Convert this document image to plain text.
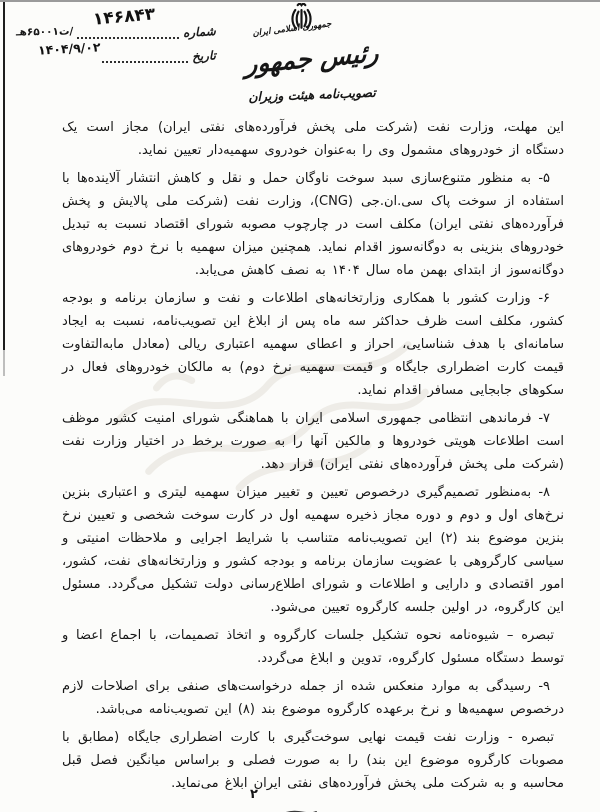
شماره
۱۴۶۸۴۳
/ت۶۵۰۰۱هـ
تاریخ
۱۴۰۴/۹/۰۲
جمهوری اسلامی ایران
رئیس جمهور
تصویب‌نامه هیئت وزیران

این مهلت، وزارت نفت (شرکت ملی پخش فرآورده‌های نفتی ایران) مجاز است یک دستگاه از خودروهای مشمول وی را به‌عنوان خودروی سهمیه‌دار تعیین نماید.

۵- به منظور متنوع‌سازی سبد سوخت ناوگان حمل و نقل و کاهش انتشار آلاینده‌ها با استفاده از سوخت پاک سی.ان.جی (CNG)، وزارت نفت (شرکت ملی پالایش و پخش فرآورده‌های نفتی ایران) مکلف است در چارچوب مصوبه شورای اقتصاد نسبت به تبدیل خودروهای بنزینی به دوگانه‌سوز اقدام نماید. همچنین میزان سهمیه با نرخ دوم خودروهای دوگانه‌سوز از ابتدای بهمن ماه سال ۱۴۰۴ به نصف کاهش می‌یابد.

۶- وزارت کشور با همکاری وزارتخانه‌های اطلاعات و نفت و سازمان برنامه و بودجه کشور، مکلف است ظرف حداکثر سه ماه پس از ابلاغ این تصویب‌نامه، نسبت به ایجاد سامانه‌ای با هدف شناسایی، احراز و اعطای سهمیه اعتباری ریالی (معادل مابه‌التفاوت قیمت کارت اضطراری جایگاه و قیمت سهمیه نرخ دوم) به مالکان خودروهای فعال در سکوهای جابجایی مسافر اقدام نماید.

۷- فرماندهی انتظامی جمهوری اسلامی ایران با هماهنگی شورای امنیت کشور موظف است اطلاعات هویتی خودروها و مالکین آنها را به صورت برخط در اختیار وزارت نفت (شرکت ملی پخش فرآورده‌های نفتی ایران) قرار دهد.

۸- به‌منظور تصمیم‌گیری درخصوص تعیین و تغییر میزان سهمیه لیتری و اعتباری بنزین نرخ‌های اول و دوم و دوره مجاز ذخیره سهمیه اول در کارت سوخت شخصی و تعیین نرخ بنزین موضوع بند (۲) این تصویب‌نامه متناسب با شرایط اجرایی و ملاحظات امنیتی و سیاسی کارگروهی با عضویت سازمان برنامه و بودجه کشور و وزارتخانه‌های نفت، کشور، امور اقتصادی و دارایی و اطلاعات و شورای اطلاع‌رسانی دولت تشکیل می‌گردد. مسئول این کارگروه، در اولین جلسه کارگروه تعیین می‌شود.

تبصره – شیوه‌نامه نحوه تشکیل جلسات کارگروه و اتخاذ تصمیمات، با اجماع اعضا و توسط دستگاه مسئول کارگروه، تدوین و ابلاغ می‌گردد.

۹- رسیدگی به موارد منعکس شده از جمله درخواست‌های صنفی برای اصلاحات لازم درخصوص سهمیه‌ها و نرخ برعهده کارگروه موضوع بند (۸) این تصویب‌نامه می‌باشد.

تبصره - وزارت نفت قیمت نهایی سوخت‌گیری با کارت اضطراری جایگاه (مطابق با مصوبات کارگروه موضوع این بند) را به صورت فصلی و براساس میانگین فصل قبل محاسبه و به شرکت ملی پخش فرآورده‌های نفتی ایران ابلاغ می‌نماید.

۲
